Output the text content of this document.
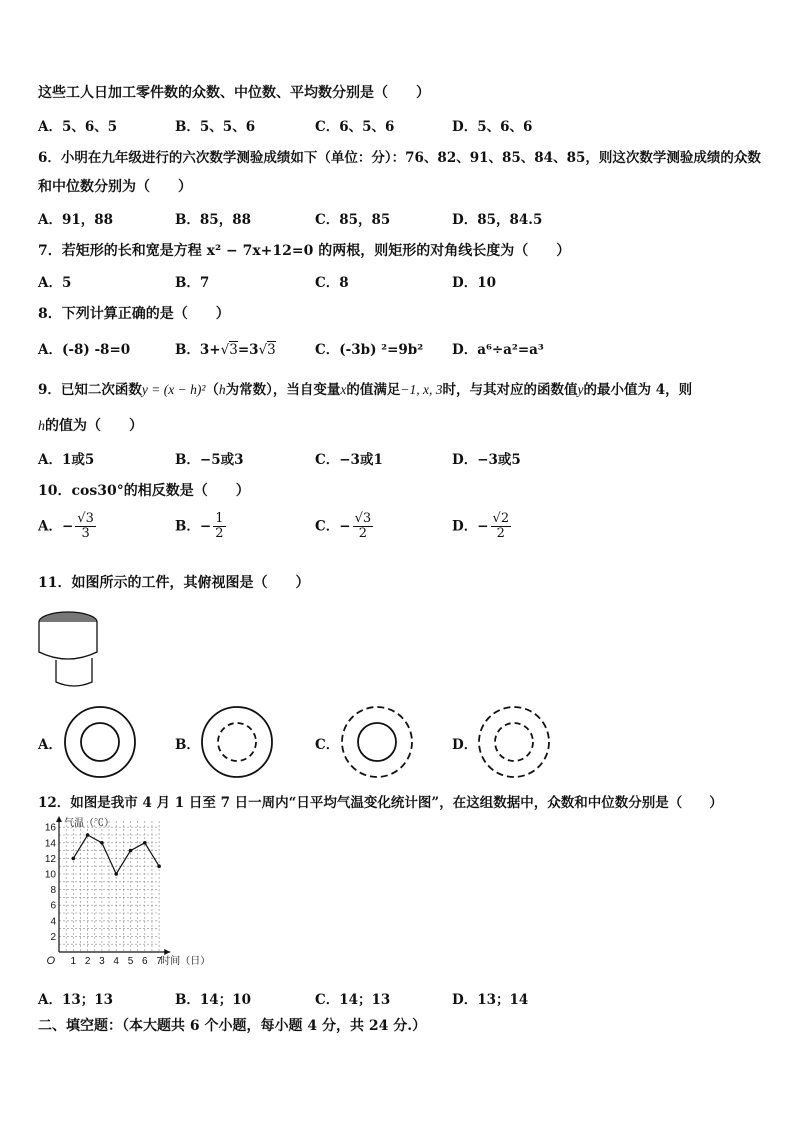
这些工人日加工零件数的众数、中位数、平均数分别是（　　）
A．5、6、5	B．5、5、6	C．6、5、6	D．5、6、6
6．小明在九年级进行的六次数学测验成绩如下（单位：分）：76、82、91、85、84、85，则这次数学测验成绩的众数
和中位数分别为（　　）
A．91，88	B．85，88	C．85，85	D．85，84.5
7．若矩形的长和宽是方程 x² − 7x+12=0 的两根，则矩形的对角线长度为（　　）
A．5	B．7	C．8	D．10
8．下列计算正确的是（　　）
A．(-8) -8=0	B．3+√3=3√3	C．(-3b) ²=9b² D．a⁶÷a²=a³
9．已知二次函数y = (x − h)²（h为常数），当自变量x的值满足−1, x, 3时，与其对应的函数值y的最小值为 4，则
h的值为（　　）
A．1或5	B．−5或3	C．−3或1	D．−3或5
10．cos30°的相反数是（　　）
A．− $\frac{√3}{3}$	B．− $\frac{1}{2}$	C．− $\frac{√3}{2}$	D．− $\frac{√2}{2}$
11．如图所示的工件，其俯视图是（　　）
A．	B．	C．	D．
12．如图是我市 4 月 1 日至 7 日一周内“日平均气温变化统计图”，在这组数据中，众数和中位数分别是（　　）
1 2 3 4 5 6 7
2
4
6
8
10
12
14
16
O
气温（℃）
时间（日）
A．13；13	B．14；10	C．14；13	D．13；14
二、填空题：（本大题共 6 个小题，每小题 4 分，共 24 分.）
